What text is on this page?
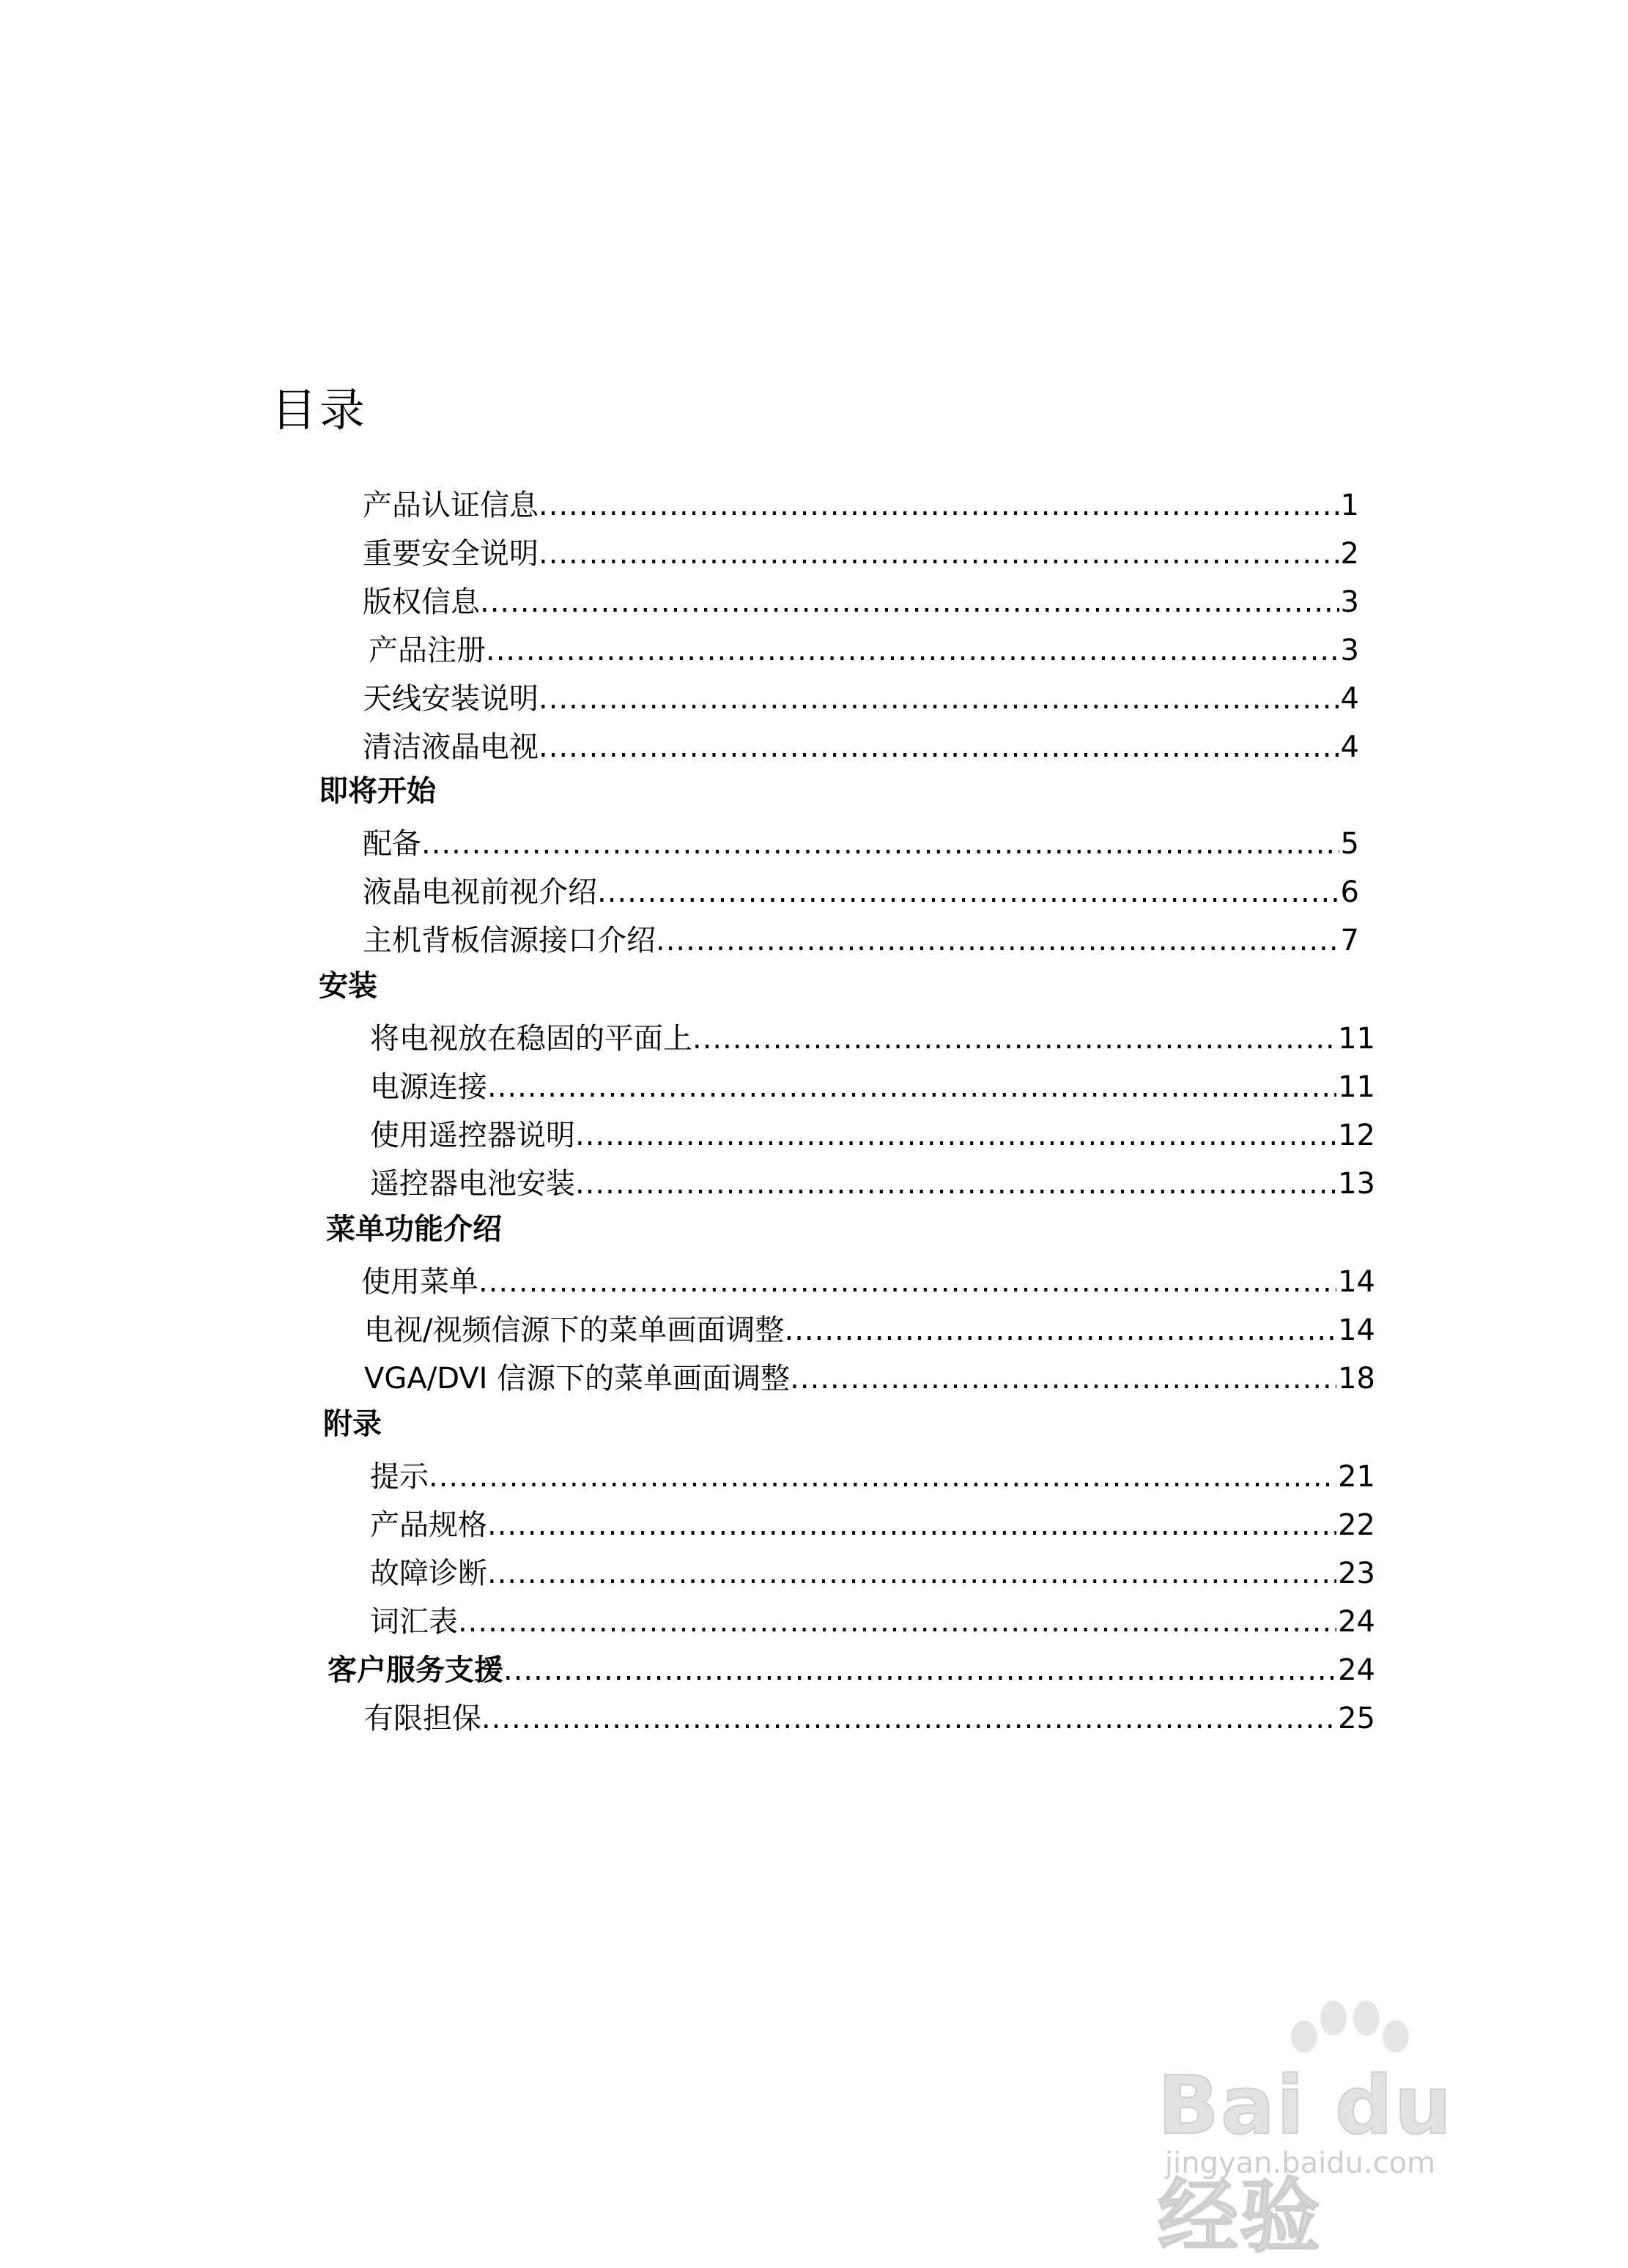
目录
产品认证信息 .....	1
重要安全说明 .....	2
版权信息 .....	3
产品注册 .....	3
天线安装说明 .....	4
清洁液晶电视 .....	4
即将开始
配备 .....	5
液晶电视前视介绍 .....	6
主机背板信源接口介绍 .....	7
安装
将电视放在稳固的平面上 .....	11
电源连接 .....	11
使用遥控器说明 .....	12
遥控器电池安装 .....	13
菜单功能介绍
使用菜单 .....	14
电视/视频信源下的菜单画面调整 .....	14
VGA/DVI 信源下的菜单画面调整 .....	18
附录
提示 .....	21
产品规格 .....	22
故障诊断 .....	23
词汇表 .....	24
客户服务支援 .....	24
有限担保 .....	25
Bai du 经验
jingyan.baidu.com
